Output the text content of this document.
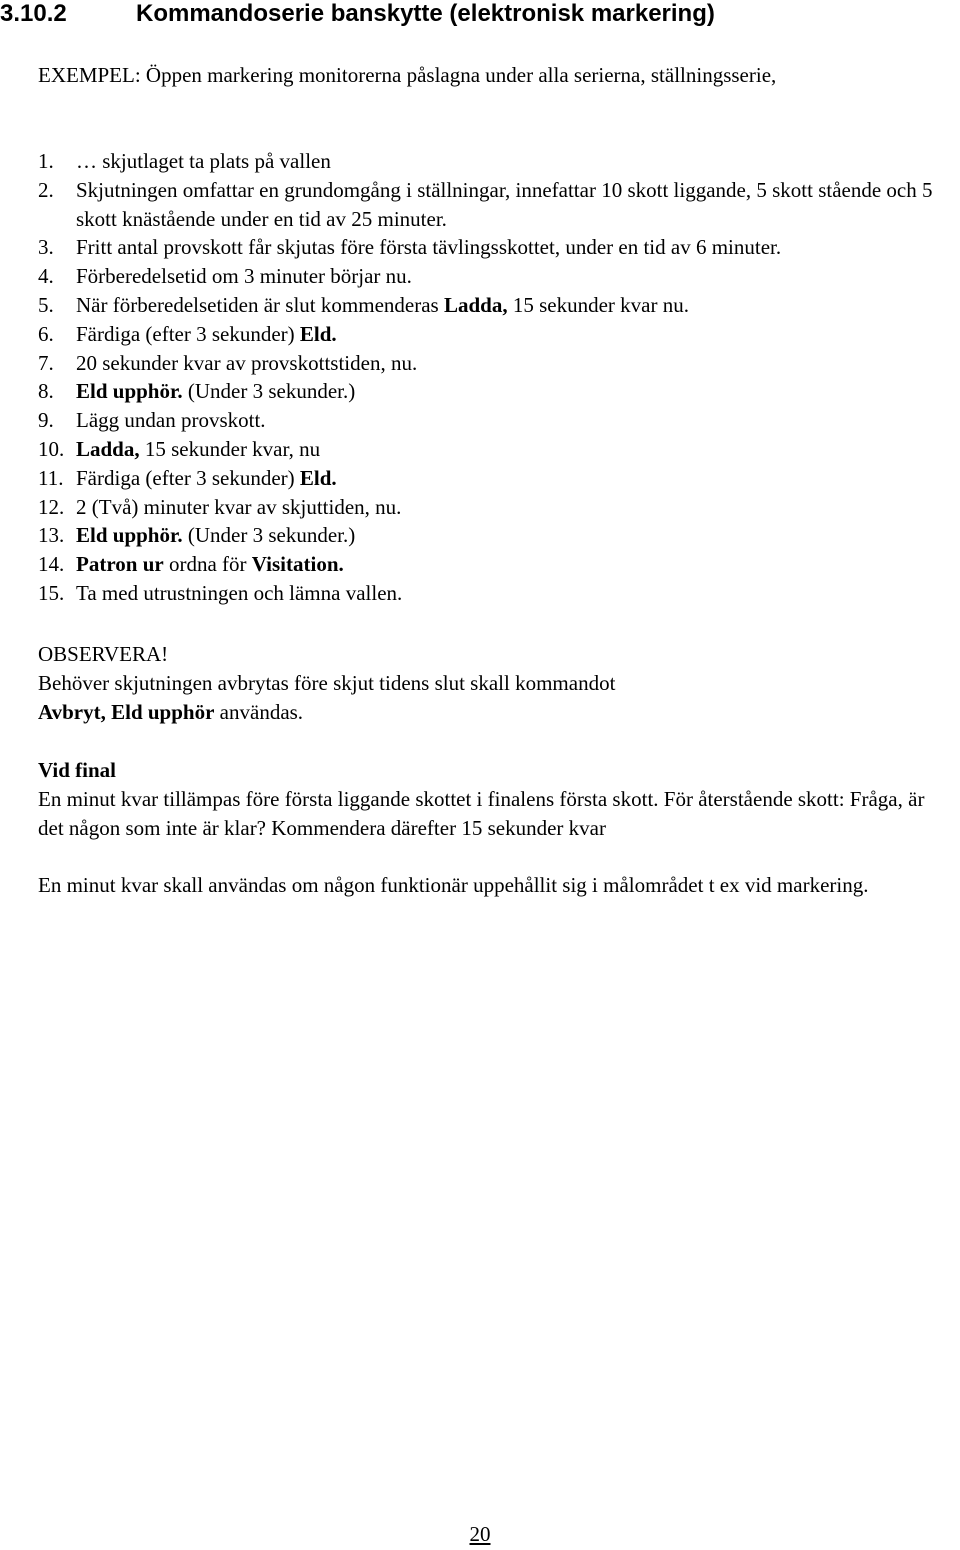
3.10.2	Kommandoserie banskytte (elektronisk markering)

EXEMPEL: Öppen markering monitorerna påslagna under alla serierna, ställningsserie,

1. … skjutlaget ta plats på vallen
2. Skjutningen omfattar en grundomgång i ställningar, innefattar 10 skott liggande, 5 skott stående och 5 skott knästående under en tid av 25 minuter.
3. Fritt antal provskott får skjutas före första tävlingsskottet, under en tid av 6 minuter.
4. Förberedelsetid om 3 minuter börjar nu.
5. När förberedelsetiden är slut kommenderas Ladda, 15 sekunder kvar nu.
6. Färdiga (efter 3 sekunder) Eld.
7. 20 sekunder kvar av provskottstiden, nu.
8. Eld upphör. (Under 3 sekunder.)
9. Lägg undan provskott.
10. Ladda, 15 sekunder kvar, nu
11. Färdiga (efter 3 sekunder) Eld.
12. 2 (Två) minuter kvar av skjuttiden, nu.
13. Eld upphör. (Under 3 sekunder.)
14. Patron ur ordna för Visitation.
15. Ta med utrustningen och lämna vallen.

OBSERVERA!

Behöver skjutningen avbrytas före skjut tidens slut skall kommandot
Avbryt, Eld upphör användas.

Vid final

En minut kvar tillämpas före första liggande skottet i finalens första skott. För återstående skott: Fråga, är det någon som inte är klar? Kommendera därefter 15 sekunder kvar

En minut kvar skall användas om någon funktionär uppehållit sig i målområdet t ex vid markering.

20
